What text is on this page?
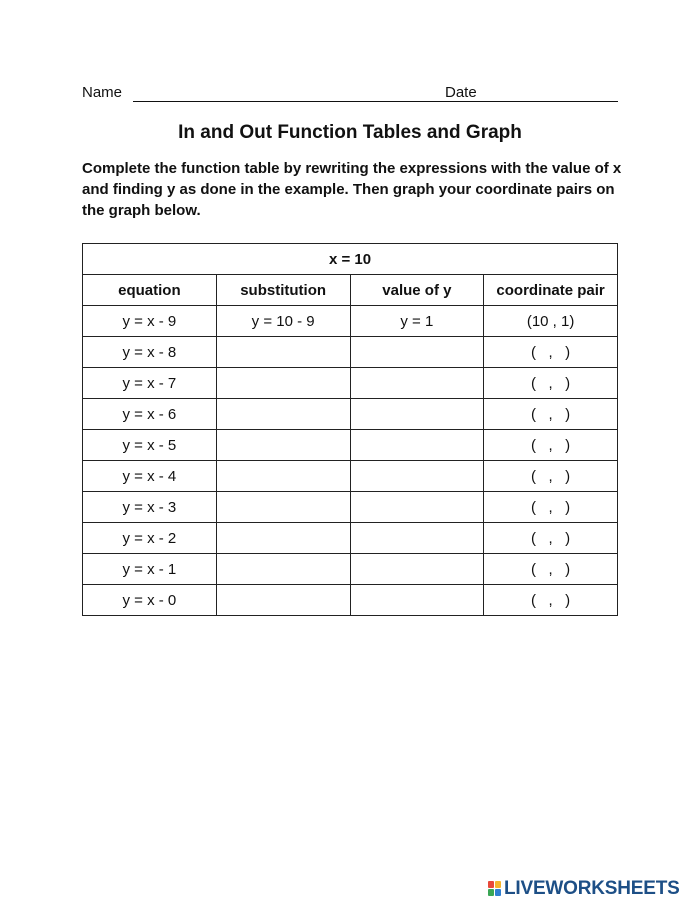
Name	Date
In and Out Function Tables and Graph
Complete the function table by rewriting the expressions with the value of x and finding y as done in the example. Then graph your coordinate pairs on the graph below.
x = 10			
equation	substitution	value of y	coordinate pair
y = x - 9	y = 10 - 9	y = 1	(10 , 1)
y = x - 8			(   ,   )
y = x - 7			(   ,   )
y = x - 6			(   ,   )
y = x - 5			(   ,   )
y = x - 4			(   ,   )
y = x - 3			(   ,   )
y = x - 2			(   ,   )
y = x - 1			(   ,   )
y = x - 0			(   ,   )
LIVEWORKSHEETS
